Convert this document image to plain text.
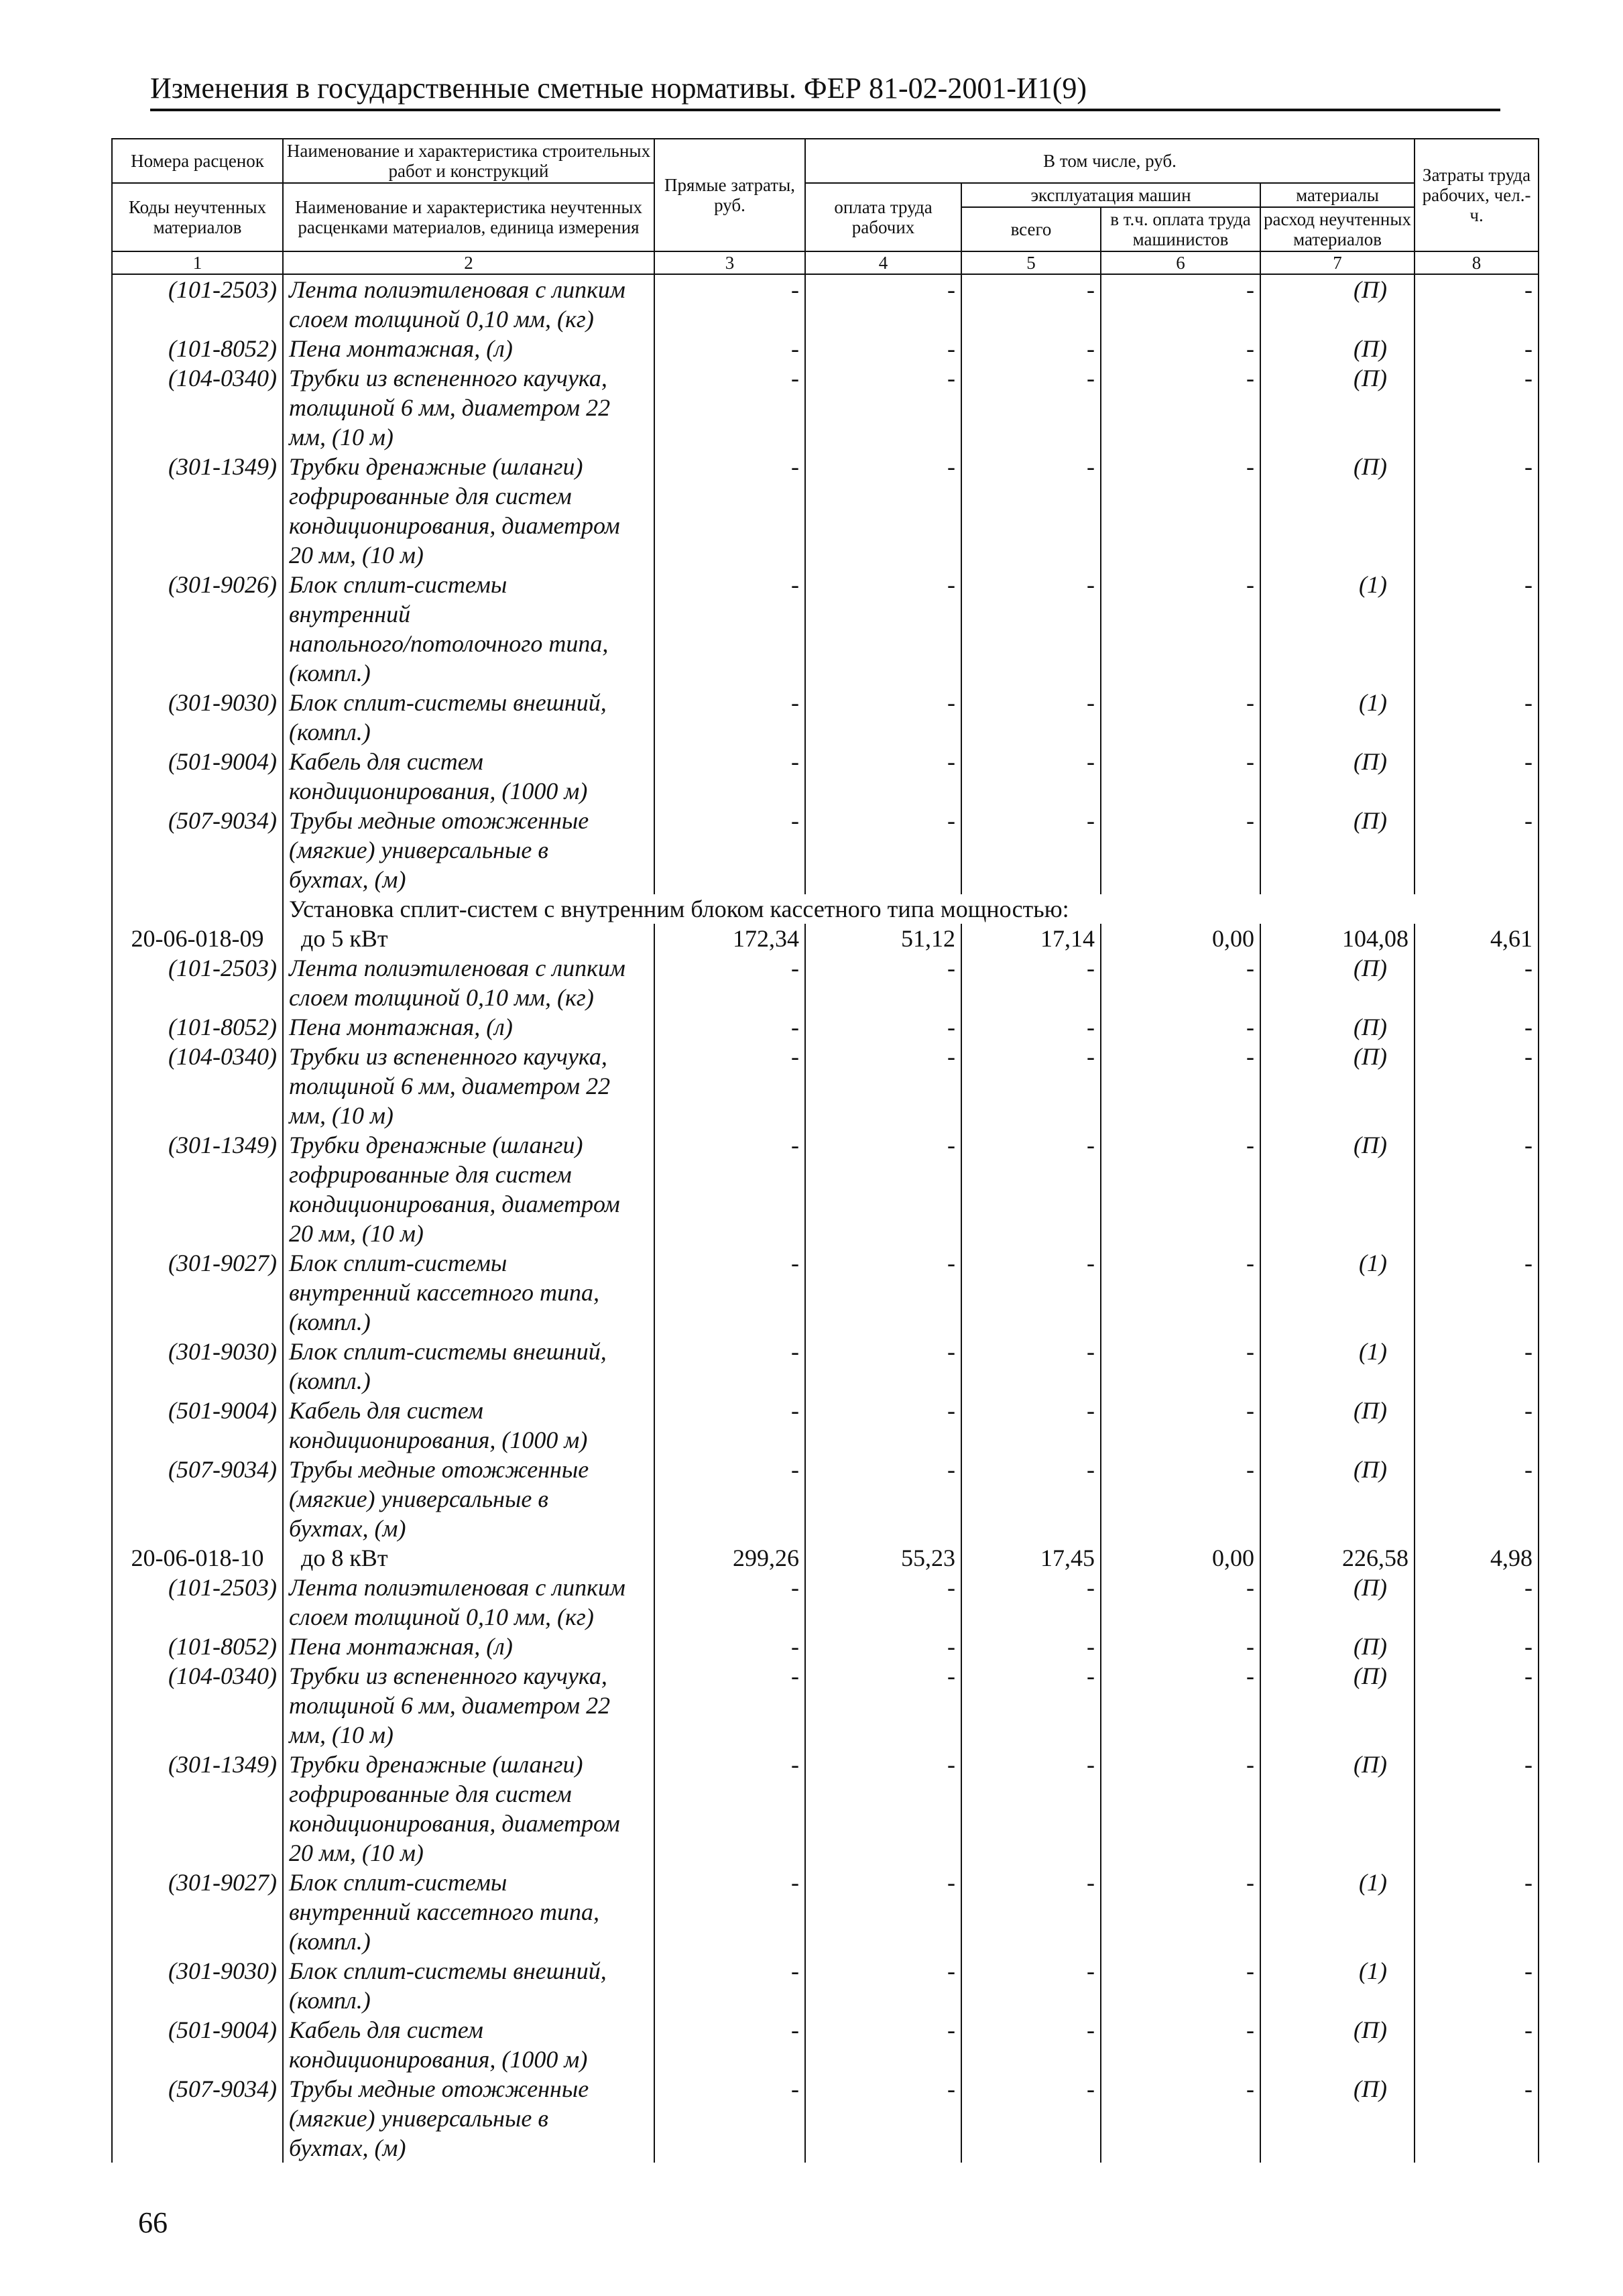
Изменения в государственные сметные нормативы. ФЕР 81-02-2001-И1(9)
Номера расценок	Наименование и характеристика строительных работ и конструкций	Прямые затраты, руб.	В том числе, руб.				Затраты труда рабочих, чел.-ч.
Коды неучтенных материалов	Наименование и характеристика неучтенных расценками материалов, единица измерения		оплата труда рабочих	эксплуатация машин		материалы	
				всего	в т.ч. оплата труда машинистов	расход неучтенных материалов	
1	2	3	4	5	6	7	8
(101-2503)	Лента полиэтиленовая с липким	-	-	-	-	(П)	-
	слоем толщиной 0,10 мм, (кг)						
(101-8052)	Пена монтажная, (л)	-	-	-	-	(П)	-
(104-0340)	Трубки из вспененного каучука,	-	-	-	-	(П)	-
	толщиной 6 мм, диаметром 22						
	мм, (10 м)						
(301-1349)	Трубки дренажные (шланги)	-	-	-	-	(П)	-
	гофрированные для систем						
	кондиционирования, диаметром						
	20 мм, (10 м)						
(301-9026)	Блок сплит-системы	-	-	-	-	(1)	-
	внутренний						
	напольного/потолочного типа,						
	(компл.)						
(301-9030)	Блок сплит-системы внешний,	-	-	-	-	(1)	-
	(компл.)						
(501-9004)	Кабель для систем	-	-	-	-	(П)	-
	кондиционирования, (1000 м)						
(507-9034)	Трубы медные отожженные	-	-	-	-	(П)	-
	(мягкие) универсальные в						
	бухтах, (м)						
	Установка сплит-систем с внутренним блоком кассетного типа мощностью:						
20-06-018-09	до 5 кВт	172,34	51,12	17,14	0,00	104,08	4,61
(101-2503)	Лента полиэтиленовая с липким	-	-	-	-	(П)	-
	слоем толщиной 0,10 мм, (кг)						
(101-8052)	Пена монтажная, (л)	-	-	-	-	(П)	-
(104-0340)	Трубки из вспененного каучука,	-	-	-	-	(П)	-
	толщиной 6 мм, диаметром 22						
	мм, (10 м)						
(301-1349)	Трубки дренажные (шланги)	-	-	-	-	(П)	-
	гофрированные для систем						
	кондиционирования, диаметром						
	20 мм, (10 м)						
(301-9027)	Блок сплит-системы	-	-	-	-	(1)	-
	внутренний кассетного типа,						
	(компл.)						
(301-9030)	Блок сплит-системы внешний,	-	-	-	-	(1)	-
	(компл.)						
(501-9004)	Кабель для систем	-	-	-	-	(П)	-
	кондиционирования, (1000 м)						
(507-9034)	Трубы медные отожженные	-	-	-	-	(П)	-
	(мягкие) универсальные в						
	бухтах, (м)						
20-06-018-10	до 8 кВт	299,26	55,23	17,45	0,00	226,58	4,98
(101-2503)	Лента полиэтиленовая с липким	-	-	-	-	(П)	-
	слоем толщиной 0,10 мм, (кг)						
(101-8052)	Пена монтажная, (л)	-	-	-	-	(П)	-
(104-0340)	Трубки из вспененного каучука,	-	-	-	-	(П)	-
	толщиной 6 мм, диаметром 22						
	мм, (10 м)						
(301-1349)	Трубки дренажные (шланги)	-	-	-	-	(П)	-
	гофрированные для систем						
	кондиционирования, диаметром						
	20 мм, (10 м)						
(301-9027)	Блок сплит-системы	-	-	-	-	(1)	-
	внутренний кассетного типа,						
	(компл.)						
(301-9030)	Блок сплит-системы внешний,	-	-	-	-	(1)	-
	(компл.)						
(501-9004)	Кабель для систем	-	-	-	-	(П)	-
	кондиционирования, (1000 м)						
(507-9034)	Трубы медные отожженные	-	-	-	-	(П)	-
	(мягкие) универсальные в						
	бухтах, (м)						
66
